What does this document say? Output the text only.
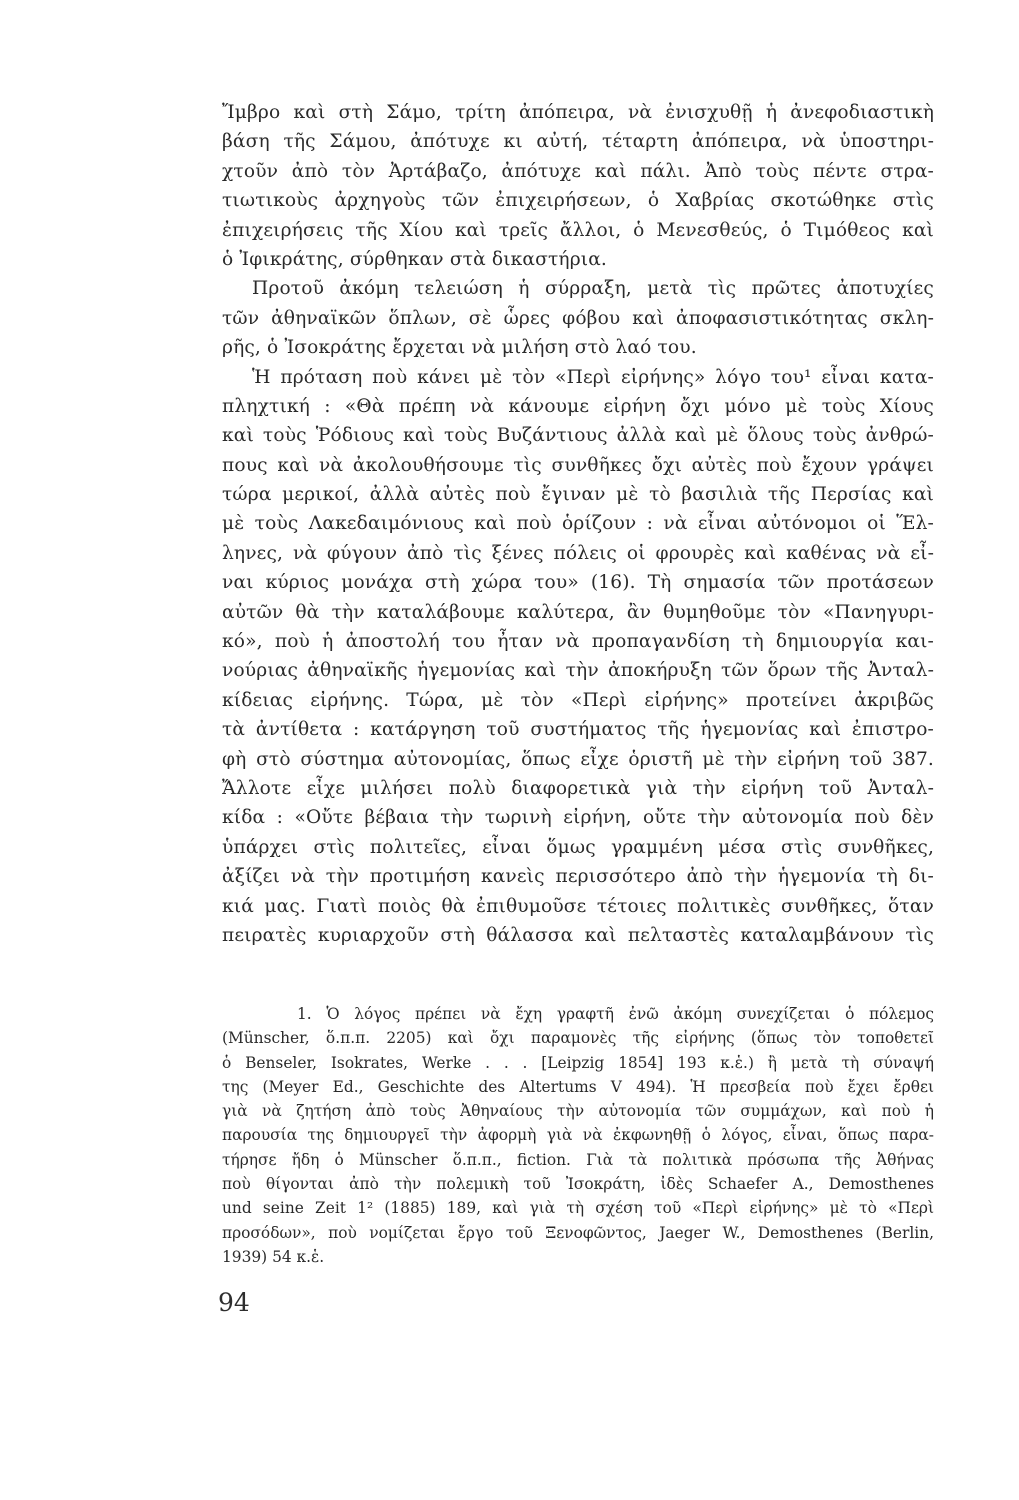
Ἴμβρο καὶ στὴ Σάμο, τρίτη ἀπόπειρα, νὰ ἐνισχυθῇ ἡ ἀνεφοδιαστικὴ
βάση τῆς Σάμου, ἀπότυχε κι αὐτή, τέταρτη ἀπόπειρα, νὰ ὑποστηρι-
χτοῦν ἀπὸ τὸν Ἀρτάβαζο, ἀπότυχε καὶ πάλι. Ἀπὸ τοὺς πέντε στρα-
τιωτικοὺς ἀρχηγοὺς τῶν ἐπιχειρήσεων, ὁ Χαβρίας σκοτώθηκε στὶς
ἐπιχειρήσεις τῆς Χίου καὶ τρεῖς ἄλλοι, ὁ Μενεσθεύς, ὁ Τιμόθεος καὶ
ὁ Ἰφικράτης, σύρθηκαν στὰ δικαστήρια.
Προτοῦ ἀκόμη τελειώση ἡ σύρραξη, μετὰ τὶς πρῶτες ἀποτυχίες
τῶν ἀθηναϊκῶν ὅπλων, σὲ ὧρες φόβου καὶ ἀποφασιστικότητας σκλη-
ρῆς, ὁ Ἰσοκράτης ἔρχεται νὰ μιλήση στὸ λαό του.
Ἡ πρόταση ποὺ κάνει μὲ τὸν «Περὶ εἰρήνης» λόγο του¹ εἶναι κατα-
πληχτική : «Θὰ πρέπη νὰ κάνουμε εἰρήνη ὄχι μόνο μὲ τοὺς Χίους
καὶ τοὺς Ῥόδιους καὶ τοὺς Βυζάντιους ἀλλὰ καὶ μὲ ὅλους τοὺς ἀνθρώ-
πους καὶ νὰ ἀκολουθήσουμε τὶς συνθῆκες ὄχι αὐτὲς ποὺ ἔχουν γράψει
τώρα μερικοί, ἀλλὰ αὐτὲς ποὺ ἔγιναν μὲ τὸ βασιλιὰ τῆς Περσίας καὶ
μὲ τοὺς Λακεδαιμόνιους καὶ ποὺ ὁρίζουν : νὰ εἶναι αὐτόνομοι οἱ Ἕλ-
ληνες, νὰ φύγουν ἀπὸ τὶς ξένες πόλεις οἱ φρουρὲς καὶ καθένας νὰ εἶ-
ναι κύριος μονάχα στὴ χώρα του» (16). Τὴ σημασία τῶν προτάσεων
αὐτῶν θὰ τὴν καταλάβουμε καλύτερα, ἂν θυμηθοῦμε τὸν «Πανηγυρι-
κό», ποὺ ἡ ἀποστολή του ἦταν νὰ προπαγανδίση τὴ δημιουργία και-
νούριας ἀθηναϊκῆς ἡγεμονίας καὶ τὴν ἀποκήρυξη τῶν ὅρων τῆς Ἀνταλ-
κίδειας εἰρήνης. Τώρα, μὲ τὸν «Περὶ εἰρήνης» προτείνει ἀκριβῶς
τὰ ἀντίθετα : κατάργηση τοῦ συστήματος τῆς ἡγεμονίας καὶ ἐπιστρο-
φὴ στὸ σύστημα αὐτονομίας, ὅπως εἶχε ὁριστῆ μὲ τὴν εἰρήνη τοῦ 387.
Ἄλλοτε εἶχε μιλήσει πολὺ διαφορετικὰ γιὰ τὴν εἰρήνη τοῦ Ἀνταλ-
κίδα : «Οὔτε βέβαια τὴν τωρινὴ εἰρήνη, οὔτε τὴν αὐτονομία ποὺ δὲν
ὑπάρχει στὶς πολιτεῖες, εἶναι ὅμως γραμμένη μέσα στὶς συνθῆκες,
ἀξίζει νὰ τὴν προτιμήση κανεὶς περισσότερο ἀπὸ τὴν ἡγεμονία τὴ δι-
κιά μας. Γιατὶ ποιὸς θὰ ἐπιθυμοῦσε τέτοιες πολιτικὲς συνθῆκες, ὅταν
πειρατὲς κυριαρχοῦν στὴ θάλασσα καὶ πελταστὲς καταλαμβάνουν τὶς
1. Ὁ λόγος πρέπει νὰ ἔχη γραφτῆ ἐνῶ ἀκόμη συνεχίζεται ὁ πόλεμος
(Münscher, ὅ.π.π. 2205) καὶ ὄχι παραμονὲς τῆς εἰρήνης (ὅπως τὸν τοποθετεῖ
ὁ Benseler, Isokrates, Werke . . . [Leipzig 1854] 193 κ.ἑ.) ἢ μετὰ τὴ σύναψή
της (Meyer Ed., Geschichte des Altertums V 494). Ἡ πρεσβεία ποὺ ἔχει ἔρθει
γιὰ νὰ ζητήση ἀπὸ τοὺς Ἀθηναίους τὴν αὐτονομία τῶν συμμάχων, καὶ ποὺ ἡ
παρουσία της δημιουργεῖ τὴν ἀφορμὴ γιὰ νὰ ἐκφωνηθῇ ὁ λόγος, εἶναι, ὅπως παρα-
τήρησε ἤδη ὁ Münscher ὅ.π.π., fiction. Γιὰ τὰ πολιτικὰ πρόσωπα τῆς Ἀθήνας
ποὺ θίγονται ἀπὸ τὴν πολεμικὴ τοῦ Ἰσοκράτη, ἰδὲς Schaefer A., Demosthenes
und seine Zeit 1² (1885) 189, καὶ γιὰ τὴ σχέση τοῦ «Περὶ εἰρήνης» μὲ τὸ «Περὶ
προσόδων», ποὺ νομίζεται ἔργο τοῦ Ξενοφῶντος, Jaeger W., Demosthenes (Berlin,
1939) 54 κ.ἑ.
94
